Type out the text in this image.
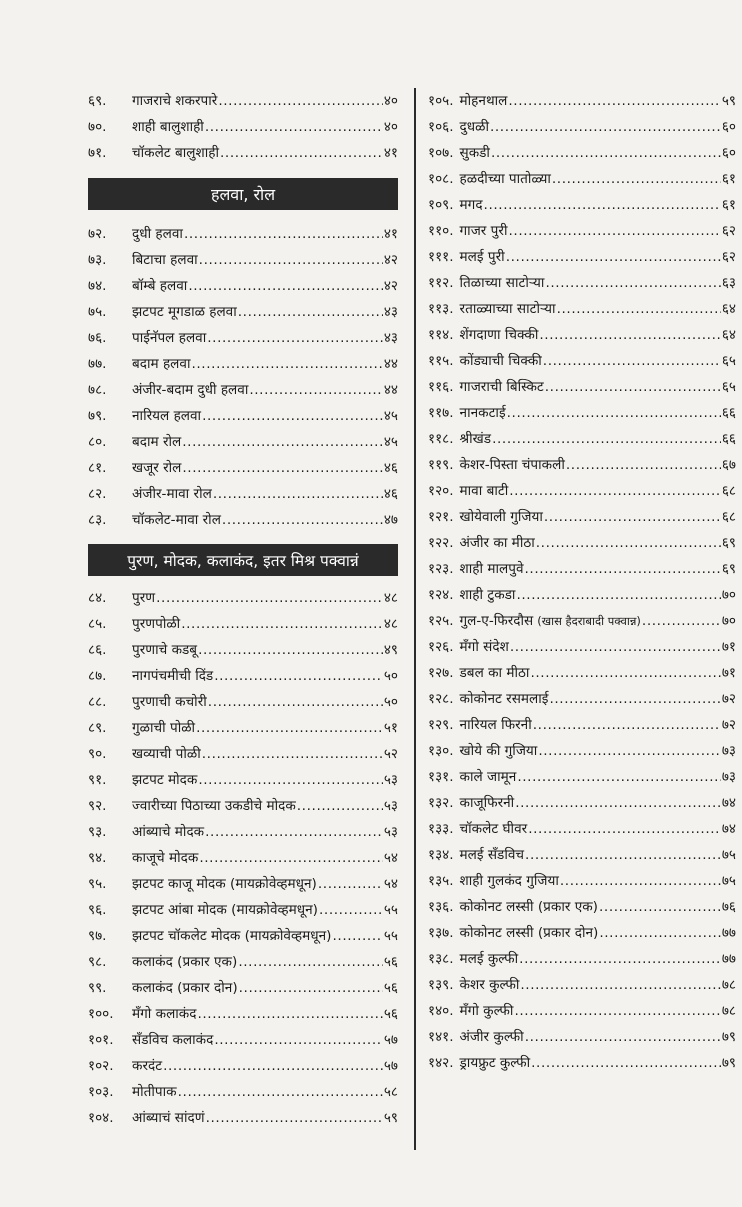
६९.	गाजराचे शकरपारे .....	४०
७०.	शाही बालुशाही .....	४०
७१.	चॉकलेट बालुशाही .....	४१
हलवा, रोल
७२.	दुधी हलवा .....	४१
७३.	बिटाचा हलवा .....	४२
७४.	बॉम्बे हलवा .....	४२
७५.	झटपट मूगडाळ हलवा .....	४३
७६.	पाईनॅपल हलवा .....	४३
७७.	बदाम हलवा .....	४४
७८.	अंजीर-बदाम दुधी हलवा .....	४४
७९.	नारियल हलवा .....	४५
८०.	बदाम रोल .....	४५
८१.	खजूर रोल .....	४६
८२.	अंजीर-मावा रोल .....	४६
८३.	चॉकलेट-मावा रोल .....	४७
पुरण, मोदक, कलाकंद, इतर मिश्र पक्वान्नं
८४.	पुरण .....	४८
८५.	पुरणपोळी .....	४८
८६.	पुरणाचे कडबू .....	४९
८७.	नागपंचमीची दिंड .....	५०
८८.	पुरणाची कचोरी .....	५०
८९.	गुळाची पोळी .....	५१
९०.	खव्याची पोळी .....	५२
९१.	झटपट मोदक .....	५३
९२.	ज्वारीच्या पिठाच्या उकडीचे मोदक .....	५३
९३.	आंब्याचे मोदक .....	५३
९४.	काजूचे मोदक .....	५४
९५.	झटपट काजू मोदक (मायक्रोवेव्हमधून) .....	५४
९६.	झटपट आंबा मोदक (मायक्रोवेव्हमधून) .....	५५
९७.	झटपट चॉकलेट मोदक (मायक्रोवेव्हमधून) .....	५५
९८.	कलाकंद (प्रकार एक) .....	५६
९९.	कलाकंद (प्रकार दोन) .....	५६
१००.	मँगो कलाकंद .....	५६
१०१.	सँडविच कलाकंद .....	५७
१०२.	करदंट .....	५७
१०३.	मोतीपाक .....	५८
१०४.	आंब्याचं सांदणं .....	५९
१०५. मोहनथाल .....	५९
१०६. दुधळी .....	६०
१०७. सुकडी .....	६०
१०८. हळदीच्या पातोळ्या .....	६१
१०९. मगद .....	६१
११०. गाजर पुरी .....	६२
१११. मलई पुरी .....	६२
११२. तिळाच्या साटोऱ्या .....	६३
११३. रताळ्याच्या साटोऱ्या .....	६४
११४. शेंगदाणा चिक्की .....	६४
११५. कोंड्याची चिक्की .....	६५
११६. गाजराची बिस्किट .....	६५
११७. नानकटाई .....	६६
११८. श्रीखंड .....	६६
११९. केशर-पिस्ता चंपाकली .....	६७
१२०. मावा बाटी .....	६८
१२१. खोयेवाली गुजिया .....	६८
१२२. अंजीर का मीठा .....	६९
१२३. शाही मालपुवे .....	६९
१२४. शाही टुकडा .....	७०
१२५. गुल-ए-फिरदौस (खास हैदराबादी पक्वान्न) .....	७०
१२६. मँगो संदेश .....	७१
१२७. डबल का मीठा .....	७१
१२८. कोकोनट रसमलाई .....	७२
१२९. नारियल फिरनी .....	७२
१३०. खोये की गुजिया .....	७३
१३१. काले जामून .....	७३
१३२. काजूफिरनी .....	७४
१३३. चॉकलेट घीवर .....	७४
१३४. मलई सँडविच .....	७५
१३५. शाही गुलकंद गुजिया .....	७५
१३६. कोकोनट लस्सी (प्रकार एक) .....	७६
१३७. कोकोनट लस्सी (प्रकार दोन) .....	७७
१३८. मलई कुल्फी .....	७७
१३९. केशर कुल्फी .....	७८
१४०. मँगो कुल्फी .....	७८
१४१. अंजीर कुल्फी .....	७९
१४२. ड्रायफ्रुट कुल्फी .....	७९
